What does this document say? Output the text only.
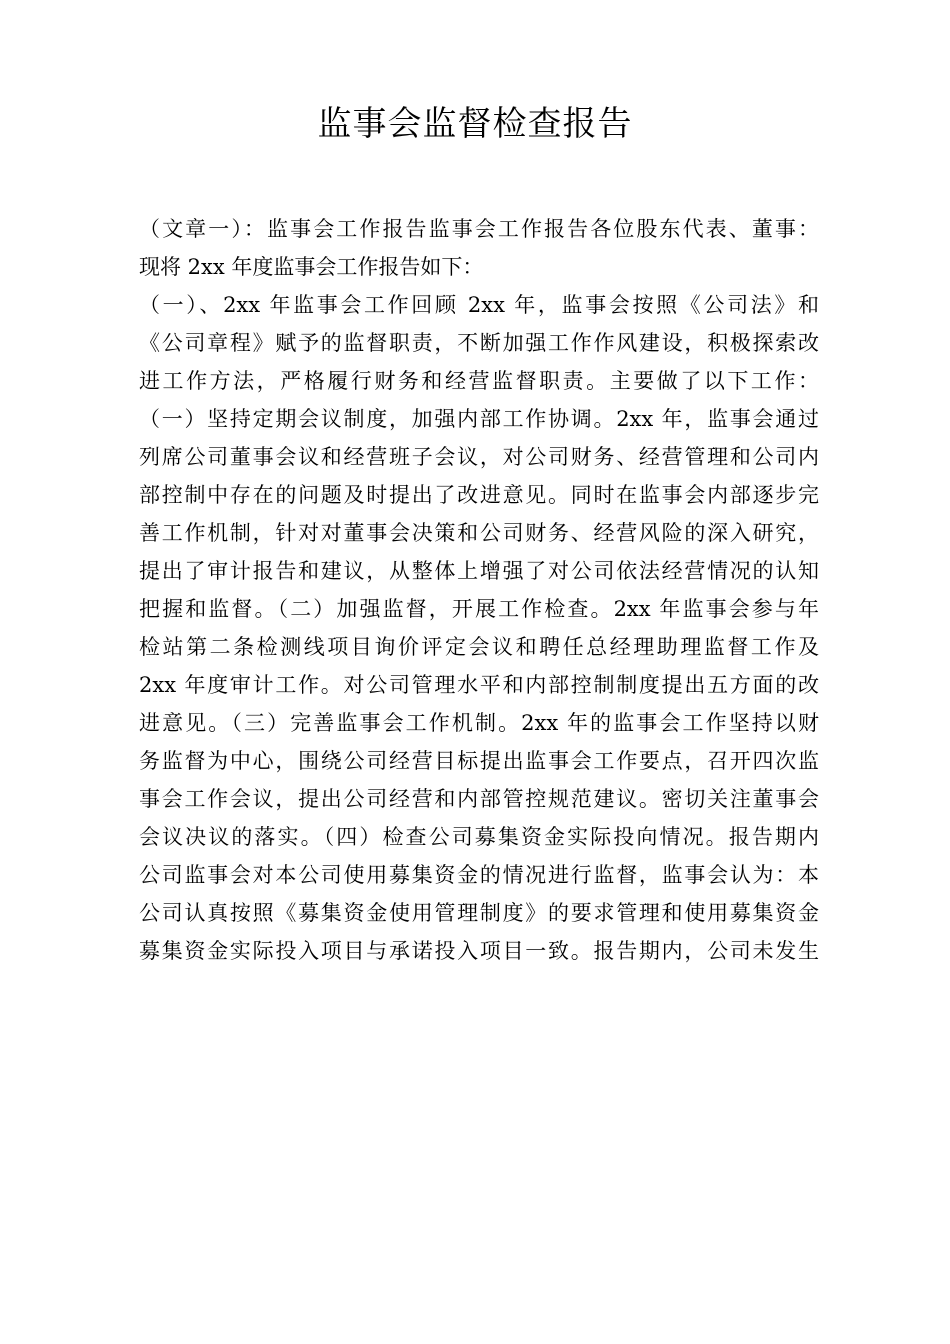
监事会监督检查报告
（文章一）：监事会工作报告监事会工作报告各位股东代表、董事：
现将 2xx 年度监事会工作报告如下：
（一）、2xx 年监事会工作回顾 2xx 年，监事会按照《公司法》和
《公司章程》赋予的监督职责，不断加强工作作风建设，积极探索改
进工作方法，严格履行财务和经营监督职责。主要做了以下工作：
（一）坚持定期会议制度，加强内部工作协调。2xx 年，监事会通过
列席公司董事会议和经营班子会议，对公司财务、经营管理和公司内
部控制中存在的问题及时提出了改进意见。同时在监事会内部逐步完
善工作机制，针对对董事会决策和公司财务、经营风险的深入研究，
提出了审计报告和建议，从整体上增强了对公司依法经营情况的认知
把握和监督。（二）加强监督，开展工作检查。2xx 年监事会参与年
检站第二条检测线项目询价评定会议和聘任总经理助理监督工作及
2xx 年度审计工作。对公司管理水平和内部控制制度提出五方面的改
进意见。（三）完善监事会工作机制。2xx 年的监事会工作坚持以财
务监督为中心，围绕公司经营目标提出监事会工作要点，召开四次监
事会工作会议，提出公司经营和内部管控规范建议。密切关注董事会
会议决议的落实。（四）检查公司募集资金实际投向情况。报告期内
公司监事会对本公司使用募集资金的情况进行监督，监事会认为：本
公司认真按照《募集资金使用管理制度》的要求管理和使用募集资金
募集资金实际投入项目与承诺投入项目一致。报告期内，公司未发生
